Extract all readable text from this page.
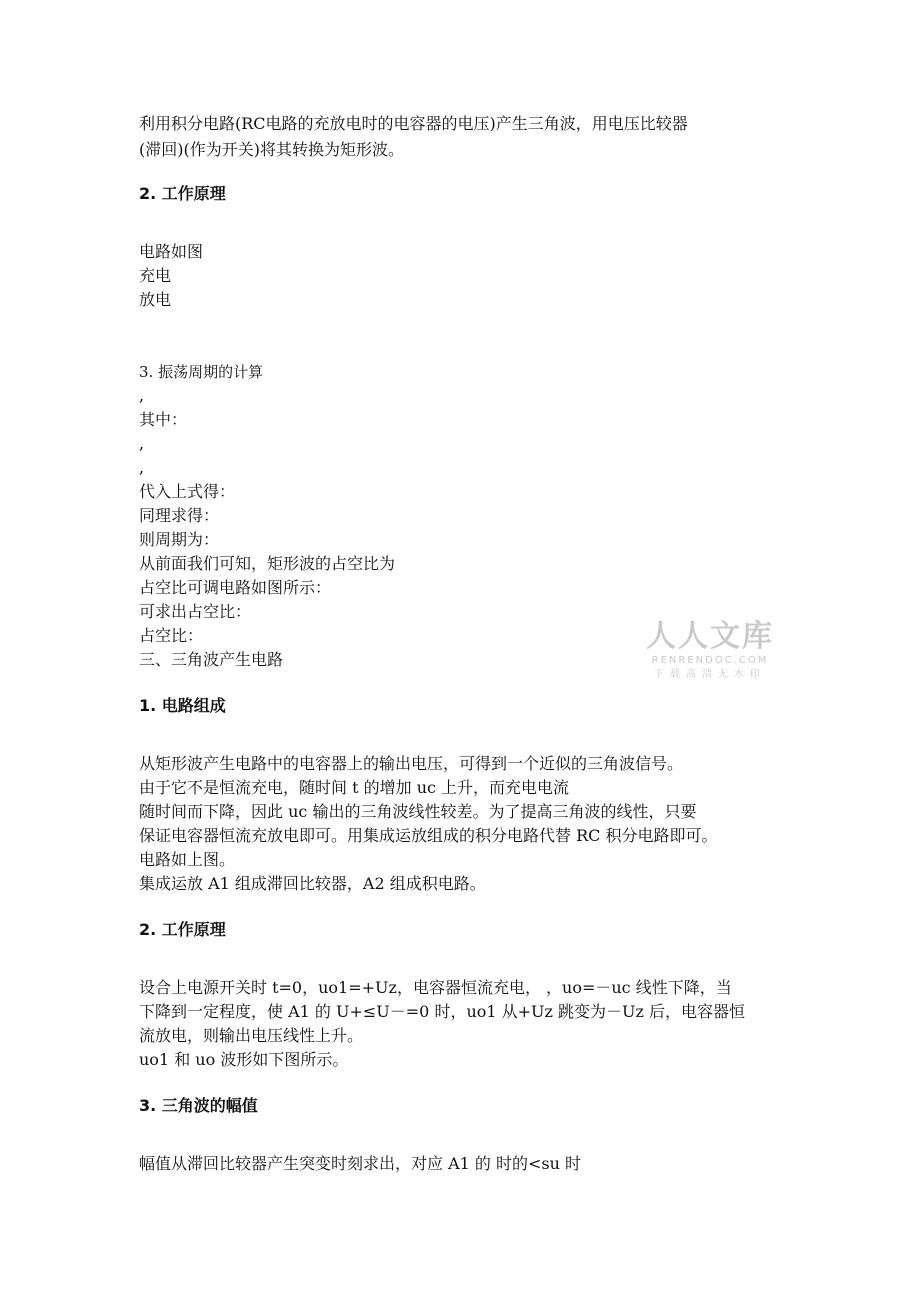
利用积分电路(RC电路的充放电时的电容器的电压)产生三角波，用电压比较器
(滞回)(作为开关)将其转换为矩形波。
2. 工作原理
电路如图
充电
放电
3. 振荡周期的计算
,
其中：
,
,
代入上式得：
同理求得：
则周期为：
从前面我们可知，矩形波的占空比为
占空比可调电路如图所示：
可求出占空比：
占空比：
三、三角波产生电路
1. 电路组成
从矩形波产生电路中的电容器上的输出电压，可得到一个近似的三角波信号。
由于它不是恒流充电，随时间 t 的增加 uc 上升，而充电电流
随时间而下降，因此 uc 输出的三角波线性较差。为了提高三角波的线性，只要
保证电容器恒流充放电即可。用集成运放组成的积分电路代替 RC 积分电路即可。
电路如上图。
集成运放 A1 组成滞回比较器，A2 组成积电路。
2. 工作原理
设合上电源开关时 t=0，uo1=+Uz，电容器恒流充电， ，uo=－uc 线性下降，当
下降到一定程度，使 A1 的 U+≤U－=0 时，uo1 从+Uz 跳变为－Uz 后，电容器恒
流放电，则输出电压线性上升。
uo1 和 uo 波形如下图所示。
3. 三角波的幅值
幅值从滞回比较器产生突变时刻求出，对应 A1 的 时的<su 时
人人文库
RENRENDOC.COM
下载高清无水印
